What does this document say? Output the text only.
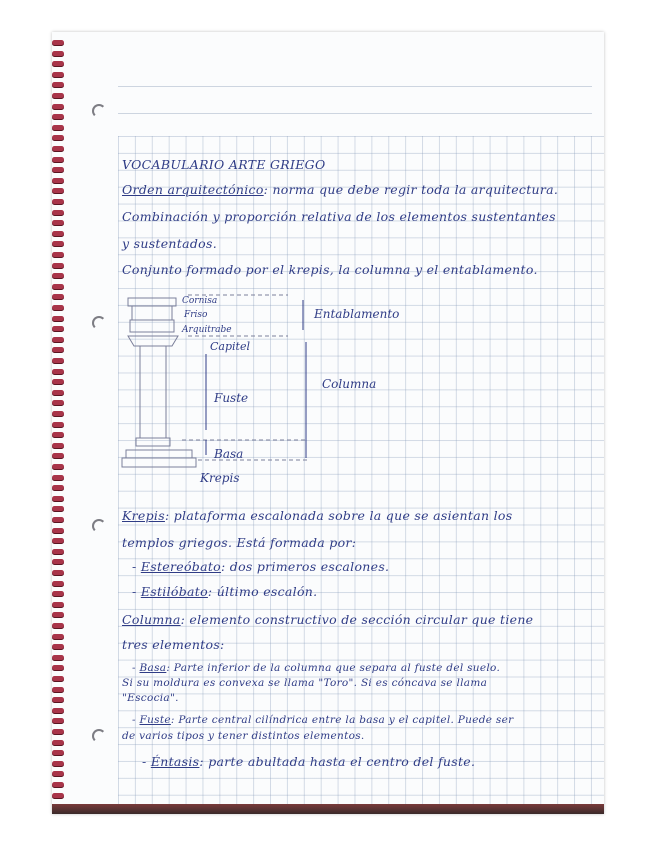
VOCABULARIO ARTE GRIEGO
Orden arquitectónico: norma que debe regir toda la arquitectura.
Combinación y proporción relativa de los elementos sustentantes
y sustentados.
Conjunto formado por el krepis, la columna y el entablamento.
Cornisa
Friso
Arquitrabe
Capitel
Fuste
Basa
Krepis
Entablamento
Columna
Krepis: plataforma escalonada sobre la que se asientan los
templos griegos. Está formada por:
- Estereóbato: dos primeros escalones.
- Estilóbato: último escalón.
Columna: elemento constructivo de sección circular que tiene
tres elementos:
- Basa: Parte inferior de la columna que separa al fuste del suelo.
Si su moldura es convexa se llama "Toro". Si es cóncava se llama
"Escocia".
- Fuste: Parte central cilíndrica entre la basa y el capitel. Puede ser
de varios tipos y tener distintos elementos.
- Éntasis: parte abultada hasta el centro del fuste.
